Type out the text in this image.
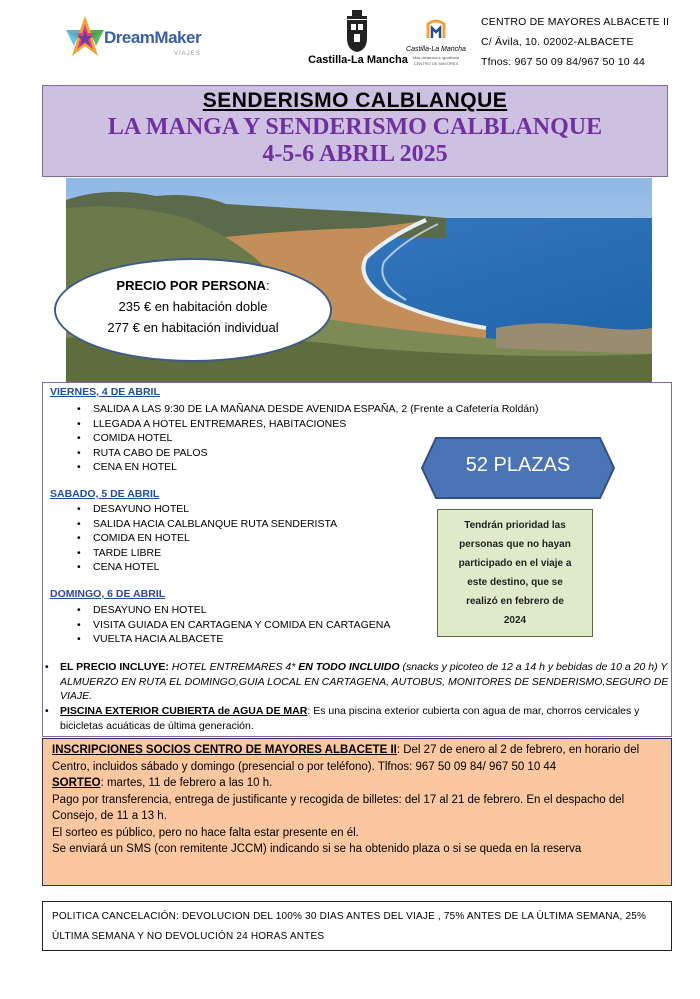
DreamMaker
VIAJES	Castilla-La Mancha
Castilla-La Mancha
Más dinámica e igualitaria
CENTRO DE MAYORES
CENTRO DE MAYORES ALBACETE II
C/ Ávila, 10. 02002-ALBACETE
Tfnos: 967 50 09 84/967 50 10 44
SENDERISMO CALBLANQUE
LA MANGA Y SENDERISMO CALBLANQUE
4-5-6 ABRIL 2025
PRECIO POR PERSONA:
235 € en habitación doble
277 € en habitación individual
VIERNES, 4 DE ABRIL
• SALIDA A LAS 9:30 DE LA MAÑANA DESDE AVENIDA ESPAÑA, 2 (Frente a Cafetería Roldán)
• LLEGADA A HOTEL ENTREMARES, HABITACIONES
• COMIDA HOTEL
• RUTA CABO DE PALOS
• CENA EN HOTEL
SABADO, 5 DE ABRIL
• DESAYUNO HOTEL
• SALIDA HACIA CALBLANQUE RUTA SENDERISTA
• COMIDA EN HOTEL
• TARDE LIBRE
• CENA HOTEL
DOMINGO, 6 DE ABRIL
• DESAYUNO EN HOTEL
• VISITA GUIADA EN CARTAGENA Y COMIDA EN CARTAGENA
• VUELTA HACIA ALBACETE
52 PLAZAS
Tendrán prioridad las
personas que no hayan
participado en el viaje a
este destino, que se
realizó en febrero de
2024
• EL PRECIO INCLUYE: HOTEL ENTREMARES 4* EN TODO INCLUIDO (snacks y picoteo de 12 a 14 h y bebidas de 10 a 20 h) Y ALMUERZO EN RUTA EL DOMINGO,GUIA LOCAL EN CARTAGENA, AUTOBUS, MONITORES DE SENDERISMO,SEGURO DE VIAJE.
• PISCINA EXTERIOR CUBIERTA de AGUA DE MAR: Es una piscina exterior cubierta con agua de mar, chorros cervicales y bicicletas acuáticas de última generación.
INSCRIPCIONES SOCIOS CENTRO DE MAYORES ALBACETE II: Del 27 de enero al 2 de febrero, en horario del Centro, incluidos sábado y domingo (presencial o por teléfono). Tlfnos: 967 50 09 84/ 967 50 10 44
SORTEO: martes, 11 de febrero a las 10 h.
Pago por transferencia, entrega de justificante y recogida de billetes: del 17 al 21 de febrero. En el despacho del Consejo, de 11 a 13 h.
El sorteo es público, pero no hace falta estar presente en él.
Se enviará un SMS (con remitente JCCM) indicando si se ha obtenido plaza o si se queda en la reserva
POLITICA CANCELACIÓN: DEVOLUCION DEL 100% 30 DIAS ANTES DEL VIAJE , 75% ANTES DE LA ÚLTIMA SEMANA, 25% ÚLTIMA SEMANA Y NO DEVOLUCIÓN 24 HORAS ANTES
